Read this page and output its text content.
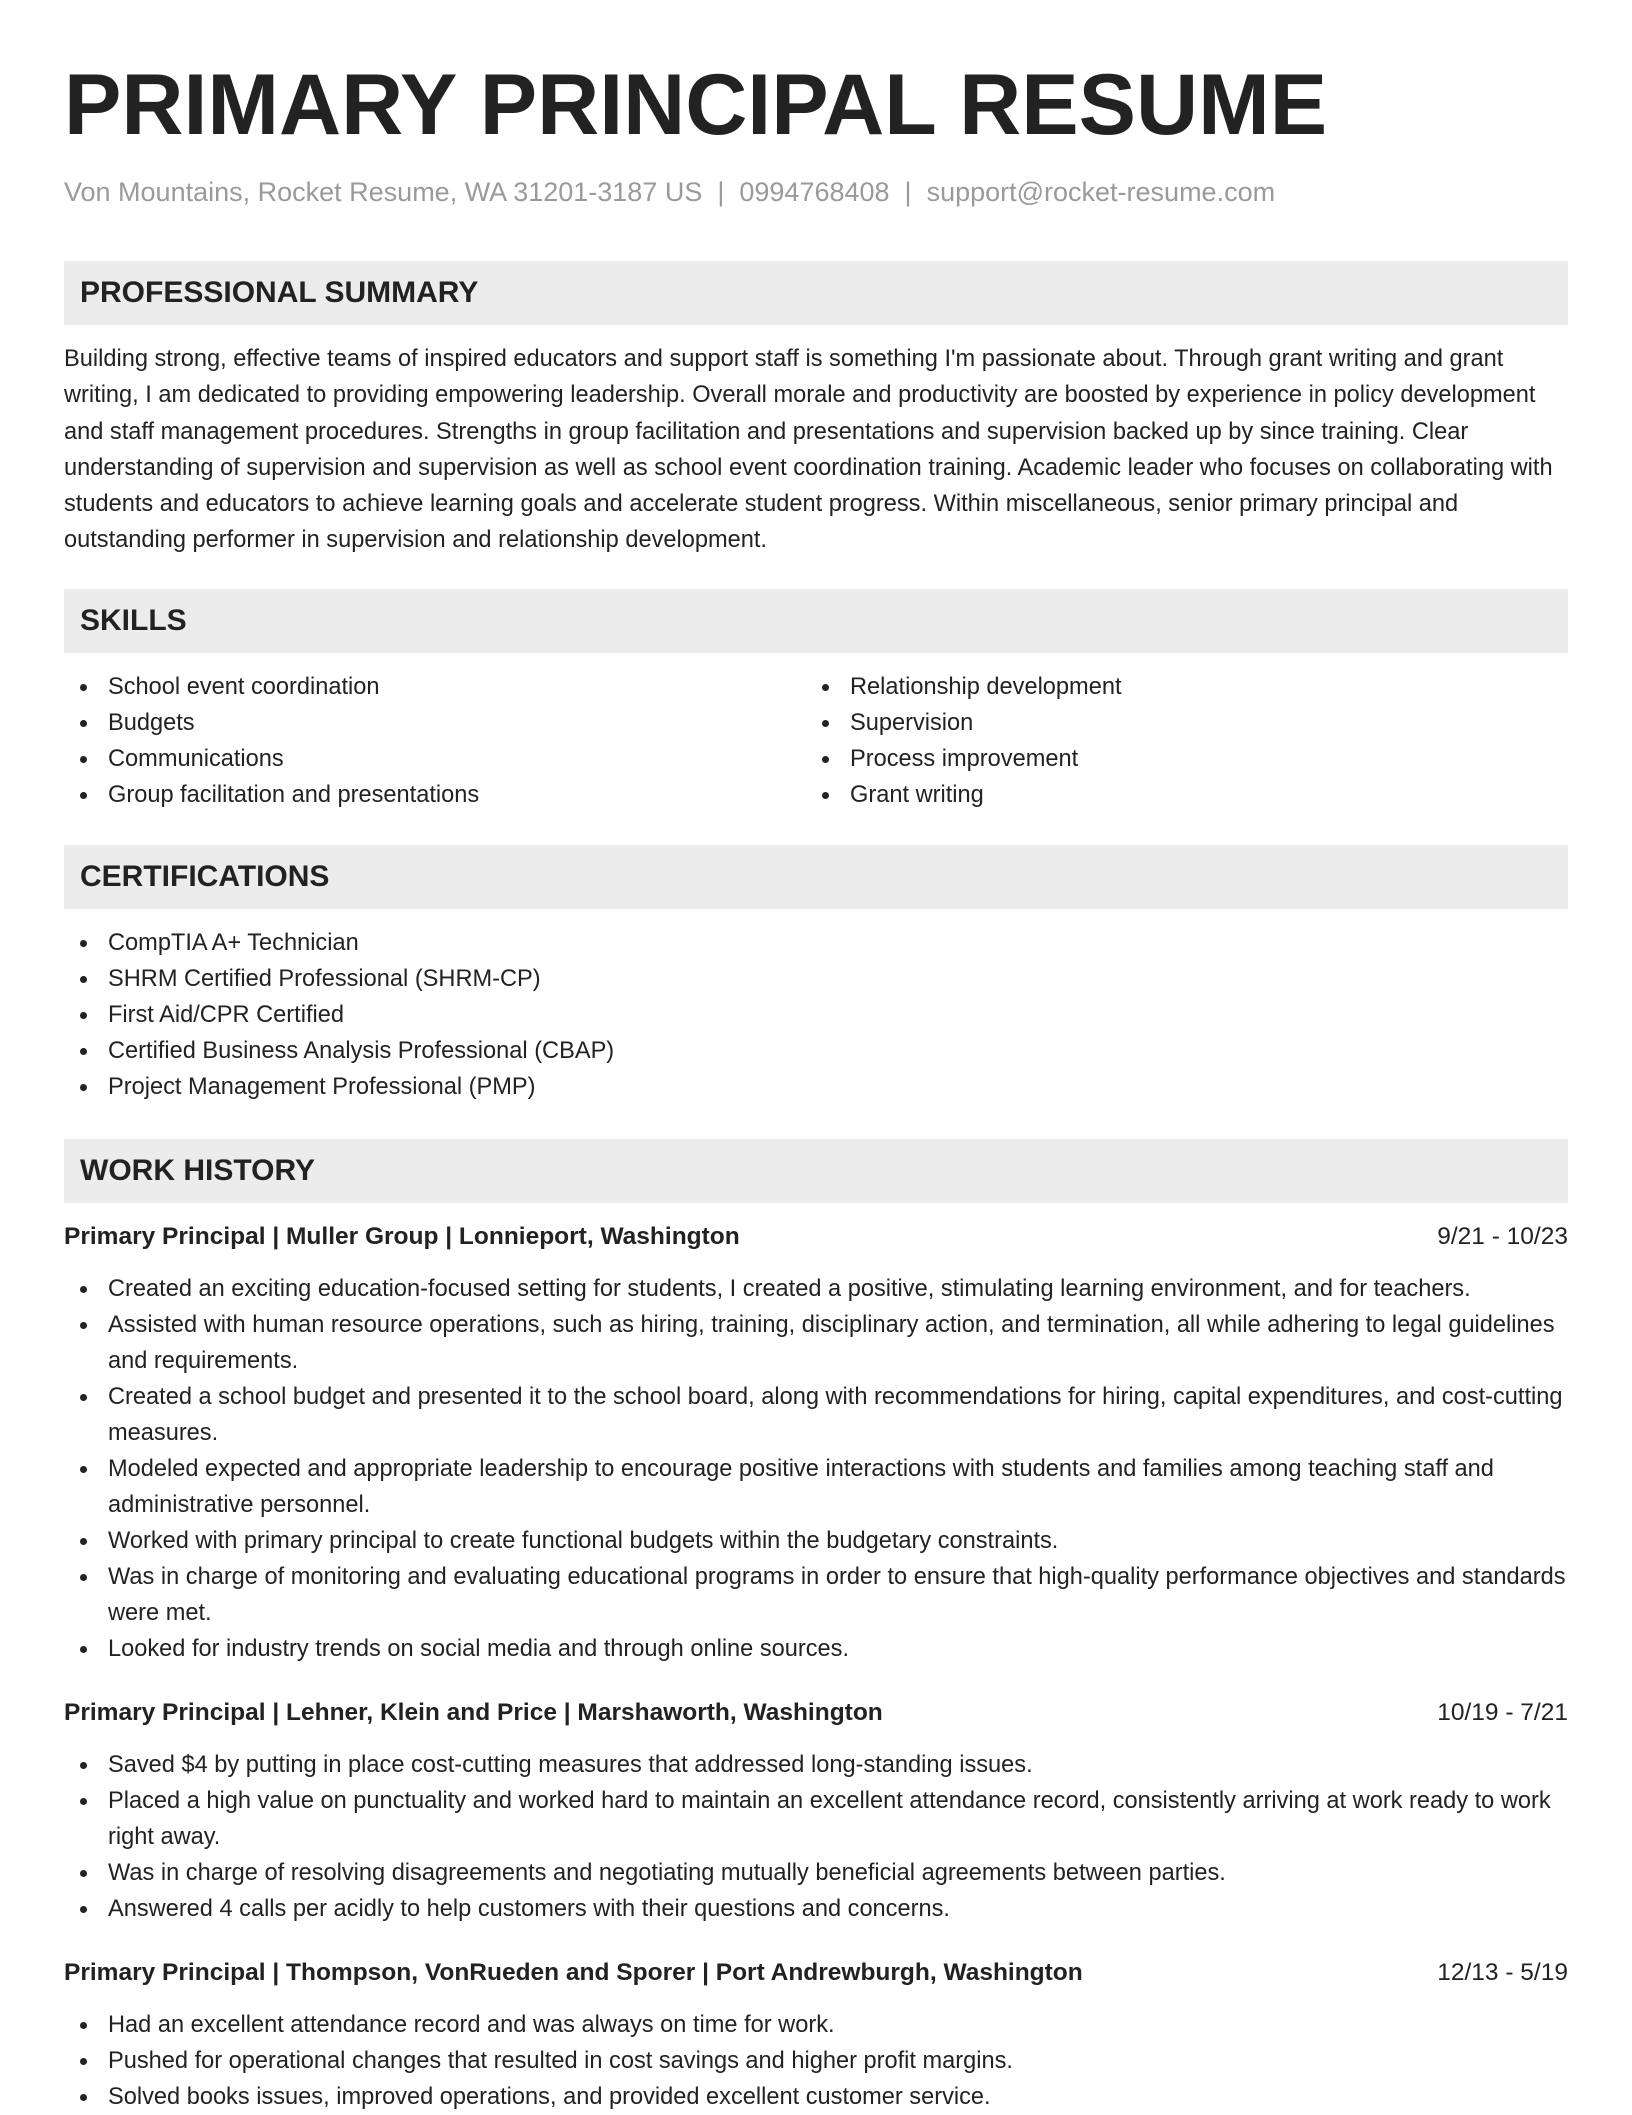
PRIMARY PRINCIPAL RESUME
Von Mountains, Rocket Resume, WA 31201-3187 US | 0994768408 | support@rocket-resume.com
PROFESSIONAL SUMMARY

Building strong, effective teams of inspired educators and support staff is something I'm passionate about. Through grant writing and grant writing, I am dedicated to providing empowering leadership. Overall morale and productivity are boosted by experience in policy development and staff management procedures. Strengths in group facilitation and presentations and supervision backed up by since training. Clear understanding of supervision and supervision as well as school event coordination training. Academic leader who focuses on collaborating with students and educators to achieve learning goals and accelerate student progress. Within miscellaneous, senior primary principal and outstanding performer in supervision and relationship development.

SKILLS
School event coordination
Budgets
Communications
Group facilitation and presentations
Relationship development
Supervision
Process improvement
Grant writing
CERTIFICATIONS
CompTIA A+ Technician
SHRM Certified Professional (SHRM-CP)
First Aid/CPR Certified
Certified Business Analysis Professional (CBAP)
Project Management Professional (PMP)
WORK HISTORY
Primary Principal | Muller Group | Lonnieport, Washington	9/21 - 10/23
Created an exciting education-focused setting for students, I created a positive, stimulating learning environment, and for teachers.
Assisted with human resource operations, such as hiring, training, disciplinary action, and termination, all while adhering to legal guidelines and requirements.
Created a school budget and presented it to the school board, along with recommendations for hiring, capital expenditures, and cost-cutting measures.
Modeled expected and appropriate leadership to encourage positive interactions with students and families among teaching staff and administrative personnel.
Worked with primary principal to create functional budgets within the budgetary constraints.
Was in charge of monitoring and evaluating educational programs in order to ensure that high-quality performance objectives and standards were met.
Looked for industry trends on social media and through online sources.
Primary Principal | Lehner, Klein and Price | Marshaworth, Washington	10/19 - 7/21
Saved $4 by putting in place cost-cutting measures that addressed long-standing issues.
Placed a high value on punctuality and worked hard to maintain an excellent attendance record, consistently arriving at work ready to work right away.
Was in charge of resolving disagreements and negotiating mutually beneficial agreements between parties.
Answered 4 calls per acidly to help customers with their questions and concerns.
Primary Principal | Thompson, VonRueden and Sporer | Port Andrewburgh, Washington	12/13 - 5/19
Had an excellent attendance record and was always on time for work.
Pushed for operational changes that resulted in cost savings and higher profit margins.
Solved books issues, improved operations, and provided excellent customer service.
